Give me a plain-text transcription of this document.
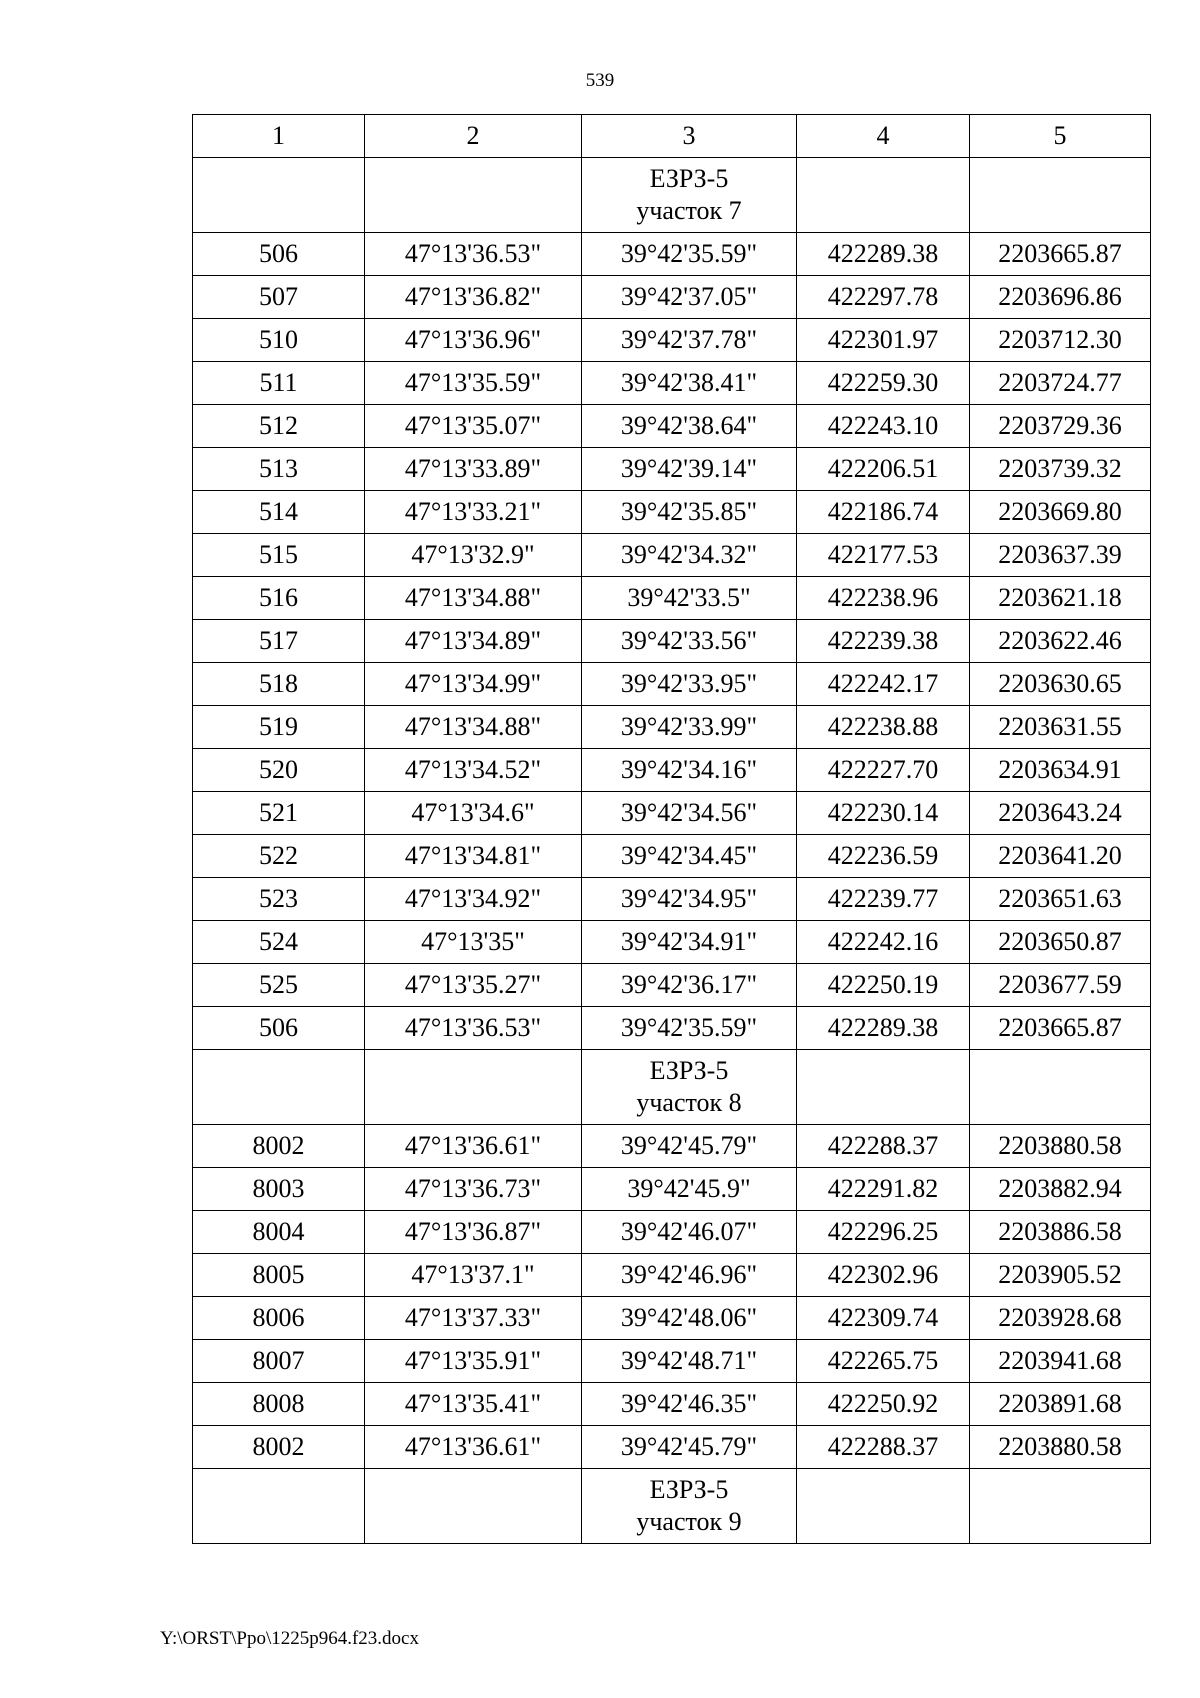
539
1	2	3	4	5

		ЕЗРЗ-5
участок 7		

506	47°13'36.53"	39°42'35.59"	422289.38	2203665.87
507	47°13'36.82"	39°42'37.05"	422297.78	2203696.86
510	47°13'36.96"	39°42'37.78"	422301.97	2203712.30
511	47°13'35.59"	39°42'38.41"	422259.30	2203724.77
512	47°13'35.07"	39°42'38.64"	422243.10	2203729.36
513	47°13'33.89"	39°42'39.14"	422206.51	2203739.32
514	47°13'33.21"	39°42'35.85"	422186.74	2203669.80
515	47°13'32.9"	39°42'34.32"	422177.53	2203637.39
516	47°13'34.88"	39°42'33.5"	422238.96	2203621.18
517	47°13'34.89"	39°42'33.56"	422239.38	2203622.46
518	47°13'34.99"	39°42'33.95"	422242.17	2203630.65
519	47°13'34.88"	39°42'33.99"	422238.88	2203631.55
520	47°13'34.52"	39°42'34.16"	422227.70	2203634.91
521	47°13'34.6"	39°42'34.56"	422230.14	2203643.24
522	47°13'34.81"	39°42'34.45"	422236.59	2203641.20
523	47°13'34.92"	39°42'34.95"	422239.77	2203651.63
524	47°13'35"	39°42'34.91"	422242.16	2203650.87
525	47°13'35.27"	39°42'36.17"	422250.19	2203677.59
506	47°13'36.53"	39°42'35.59"	422289.38	2203665.87

		ЕЗРЗ-5
участок 8		

8002	47°13'36.61"	39°42'45.79"	422288.37	2203880.58
8003	47°13'36.73"	39°42'45.9"	422291.82	2203882.94
8004	47°13'36.87"	39°42'46.07"	422296.25	2203886.58
8005	47°13'37.1"	39°42'46.96"	422302.96	2203905.52
8006	47°13'37.33"	39°42'48.06"	422309.74	2203928.68
8007	47°13'35.91"	39°42'48.71"	422265.75	2203941.68
8008	47°13'35.41"	39°42'46.35"	422250.92	2203891.68
8002	47°13'36.61"	39°42'45.79"	422288.37	2203880.58

		ЕЗРЗ-5
участок 9		

Y:\ORST\Ppo\1225p964.f23.docx
